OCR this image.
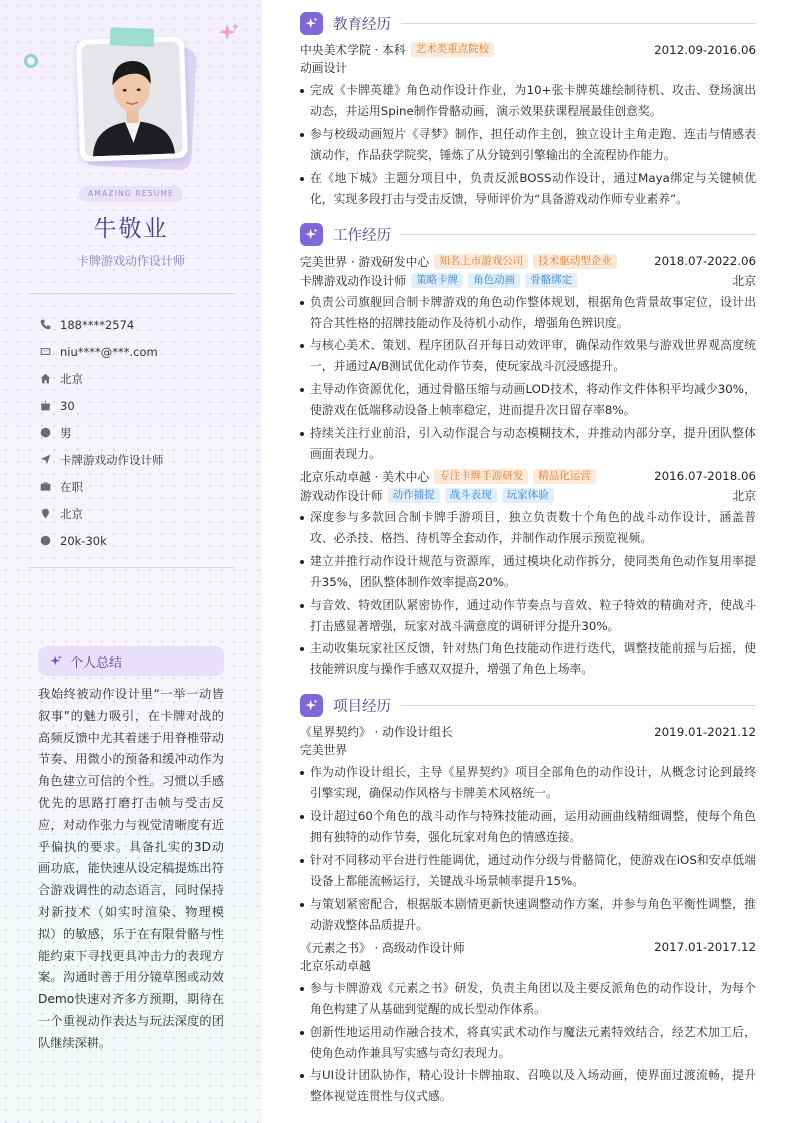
AMAZING RESUME
牛敬业
卡牌游戏动作设计师
188****2574
niu****@***.com
北京
30
男
卡牌游戏动作设计师
在职
北京
20k-30k
个人总结
我始终被动作设计里“一举一动皆叙事”的魅力吸引，在卡牌对战的高频反馈中尤其着迷于用脊椎带动节奏、用微小的预备和缓冲动作为角色建立可信的个性。习惯以手感优先的思路打磨打击帧与受击反应，对动作张力与视觉清晰度有近乎偏执的要求。具备扎实的3D动画功底，能快速从设定稿提炼出符合游戏调性的动态语言，同时保持对新技术（如实时渲染、物理模拟）的敏感，乐于在有限骨骼与性能约束下寻找更具冲击力的表现方案。沟通时善于用分镜草图或动效Demo快速对齐多方预期，期待在一个重视动作表达与玩法深度的团队继续深耕。
教育经历
中央美术学院 · 本科 艺术类重点院校	2012.09-2016.06
动画设计
完成《卡牌英雄》角色动作设计作业，为10+张卡牌英雄绘制待机、攻击、登场演出动态，并运用Spine制作骨骼动画，演示效果获课程展最佳创意奖。
参与校级动画短片《寻梦》制作，担任动作主创，独立设计主角走跑、连击与情感表演动作，作品获学院奖，锤炼了从分镜到引擎输出的全流程协作能力。
在《地下城》主题分项目中，负责反派BOSS动作设计，通过Maya绑定与关键帧优化，实现多段打击与受击反馈，导师评价为“具备游戏动作师专业素养”。
工作经历
完美世界 · 游戏研发中心 知名上市游戏公司	技术驱动型企业	2018.07-2022.06
卡牌游戏动作设计师 策略卡牌	角色动画	骨骼绑定	北京
负责公司旗舰回合制卡牌游戏的角色动作整体规划，根据角色背景故事定位，设计出符合其性格的招牌技能动作及待机小动作，增强角色辨识度。
与核心美术、策划、程序团队召开每日动效评审，确保动作效果与游戏世界观高度统一，并通过A/B测试优化动作节奏，使玩家战斗沉浸感提升。
主导动作资源优化，通过骨骼压缩与动画LOD技术，将动作文件体积平均减少30%，使游戏在低端移动设备上帧率稳定，进而提升次日留存率8%。
持续关注行业前沿，引入动作混合与动态模糊技术，并推动内部分享，提升团队整体画面表现力。
北京乐动卓越 · 美术中心 专注卡牌手游研发	精品化运营	2016.07-2018.06
游戏动作设计师 动作捕捉	战斗表现	玩家体验	北京
深度参与多款回合制卡牌手游项目，独立负责数十个角色的战斗动作设计，涵盖普攻、必杀技、格挡、待机等全套动作，并制作动作展示预览视频。
建立并推行动作设计规范与资源库，通过模块化动作拆分，使同类角色动作复用率提升35%，团队整体制作效率提高20%。
与音效、特效团队紧密协作，通过动作节奏点与音效、粒子特效的精确对齐，使战斗打击感显著增强，玩家对战斗满意度的调研评分提升30%。
主动收集玩家社区反馈，针对热门角色技能动作进行迭代，调整技能前摇与后摇，使技能辨识度与操作手感双双提升，增强了角色上场率。
项目经历
《星界契约》 · 动作设计组长	2019.01-2021.12
完美世界
作为动作设计组长，主导《星界契约》项目全部角色的动作设计，从概念讨论到最终引擎实现，确保动作风格与卡牌美术风格统一。
设计超过60个角色的战斗动作与特殊技能动画，运用动画曲线精细调整，使每个角色拥有独特的动作节奏，强化玩家对角色的情感连接。
针对不同移动平台进行性能调优，通过动作分级与骨骼简化，使游戏在iOS和安卓低端设备上都能流畅运行，关键战斗场景帧率提升15%。
与策划紧密配合，根据版本剧情更新快速调整动作方案，并参与角色平衡性调整，推动游戏整体品质提升。
《元素之书》 · 高级动作设计师	2017.01-2017.12
北京乐动卓越
参与卡牌游戏《元素之书》研发，负责主角团以及主要反派角色的动作设计，为每个角色构建了从基础到觉醒的成长型动作体系。
创新性地运用动作融合技术，将真实武术动作与魔法元素特效结合，经艺术加工后，使角色动作兼具写实感与奇幻表现力。
与UI设计团队协作，精心设计卡牌抽取、召唤以及入场动画，使界面过渡流畅，提升整体视觉连贯性与仪式感。
